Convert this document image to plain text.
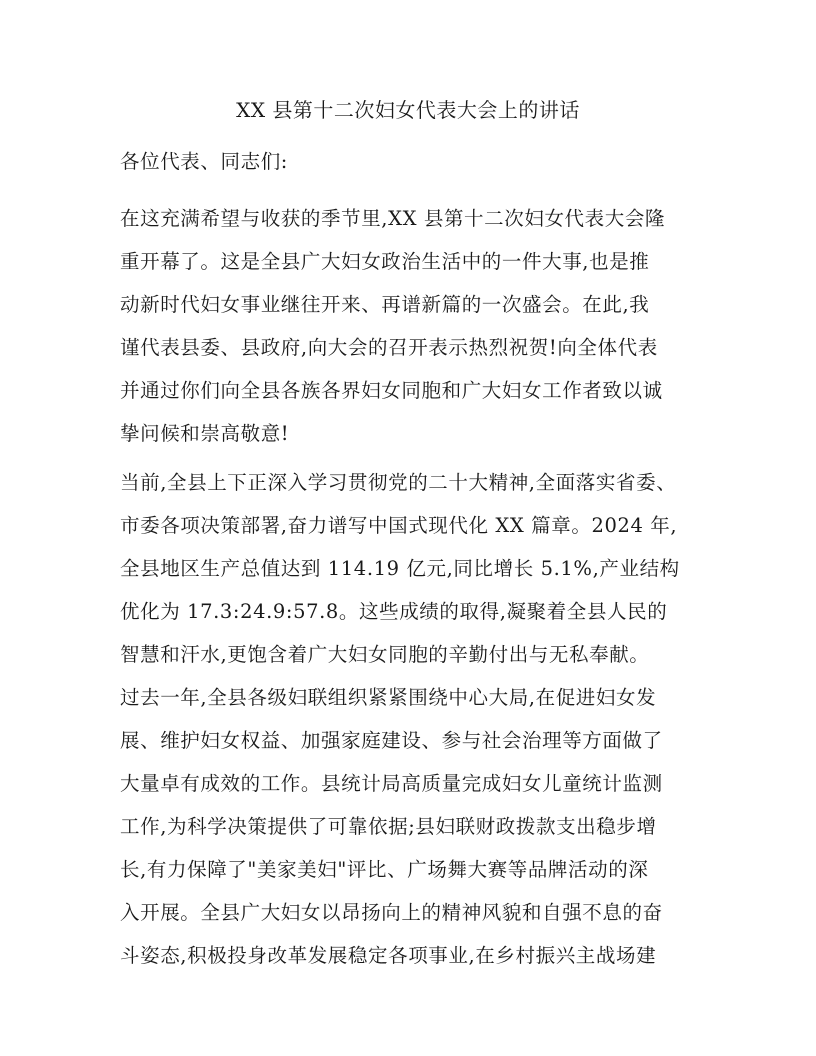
XX 县第十二次妇女代表大会上的讲话
各位代表、同志们:
在这充满希望与收获的季节里,XX 县第十二次妇女代表大会隆
重开幕了。这是全县广大妇女政治生活中的一件大事,也是推
动新时代妇女事业继往开来、再谱新篇的一次盛会。在此,我
谨代表县委、县政府,向大会的召开表示热烈祝贺!向全体代表
并通过你们向全县各族各界妇女同胞和广大妇女工作者致以诚
挚问候和崇高敬意!
当前,全县上下正深入学习贯彻党的二十大精神,全面落实省委、
市委各项决策部署,奋力谱写中国式现代化 XX 篇章。2024 年,
全县地区生产总值达到 114.19 亿元,同比增长 5.1%,产业结构
优化为 17.3:24.9:57.8。这些成绩的取得,凝聚着全县人民的
智慧和汗水,更饱含着广大妇女同胞的辛勤付出与无私奉献。
过去一年,全县各级妇联组织紧紧围绕中心大局,在促进妇女发
展、维护妇女权益、加强家庭建设、参与社会治理等方面做了
大量卓有成效的工作。县统计局高质量完成妇女儿童统计监测
工作,为科学决策提供了可靠依据;县妇联财政拨款支出稳步增
长,有力保障了"美家美妇"评比、广场舞大赛等品牌活动的深
入开展。全县广大妇女以昂扬向上的精神风貌和自强不息的奋
斗姿态,积极投身改革发展稳定各项事业,在乡村振兴主战场建
